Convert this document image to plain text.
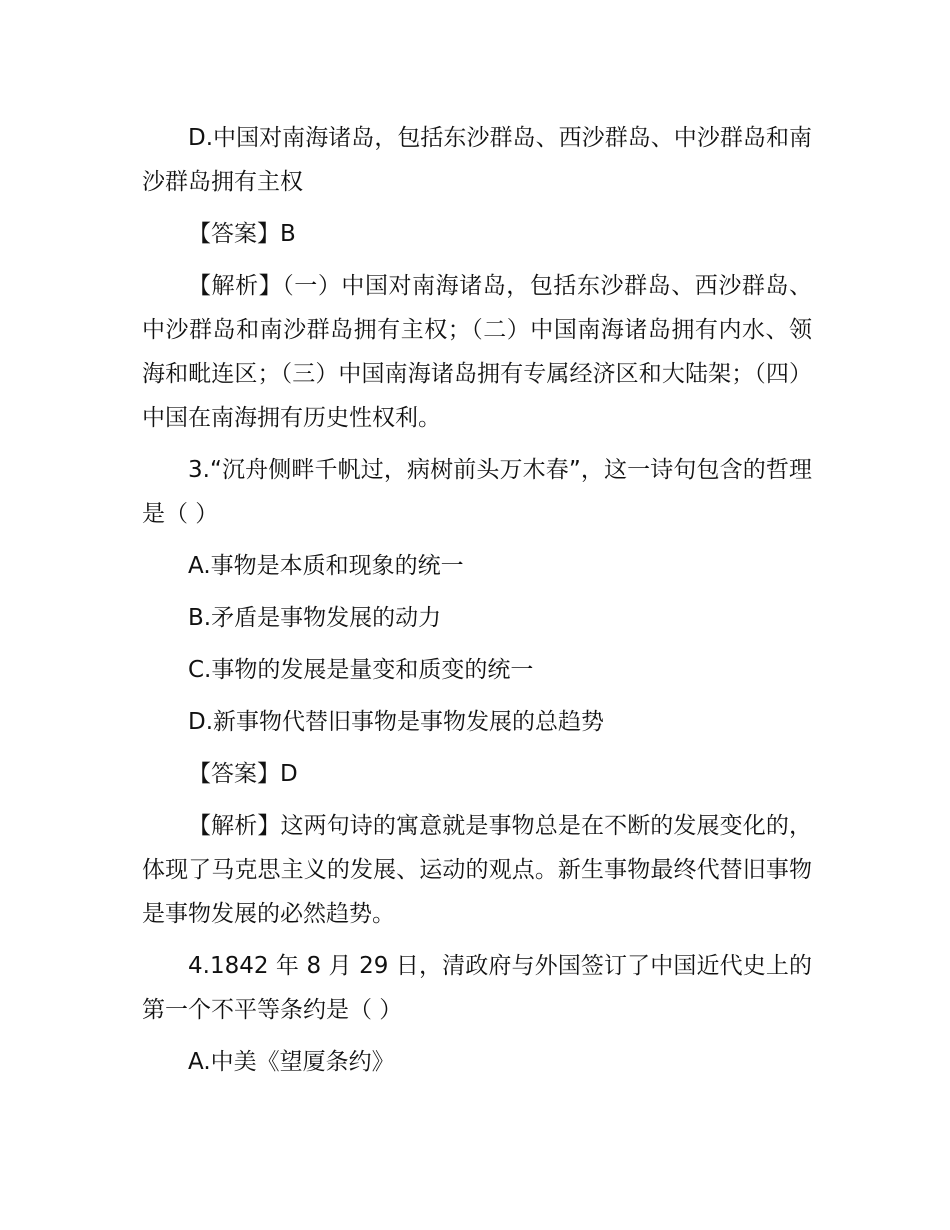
D.中国对南海诸岛，包括东沙群岛、西沙群岛、中沙群岛和南沙群岛拥有主权

【答案】B

【解析】（一）中国对南海诸岛，包括东沙群岛、西沙群岛、中沙群岛和南沙群岛拥有主权；（二）中国南海诸岛拥有内水、领海和毗连区；（三）中国南海诸岛拥有专属经济区和大陆架；（四）中国在南海拥有历史性权利。

3.“沉舟侧畔千帆过，病树前头万木春”，这一诗句包含的哲理是（ ）

A.事物是本质和现象的统一

B.矛盾是事物发展的动力

C.事物的发展是量变和质变的统一

D.新事物代替旧事物是事物发展的总趋势

【答案】D

【解析】这两句诗的寓意就是事物总是在不断的发展变化的，体现了马克思主义的发展、运动的观点。新生事物最终代替旧事物是事物发展的必然趋势。

4.1842 年 8 月 29 日，清政府与外国签订了中国近代史上的第一个不平等条约是（ ）

A.中美《望厦条约》
